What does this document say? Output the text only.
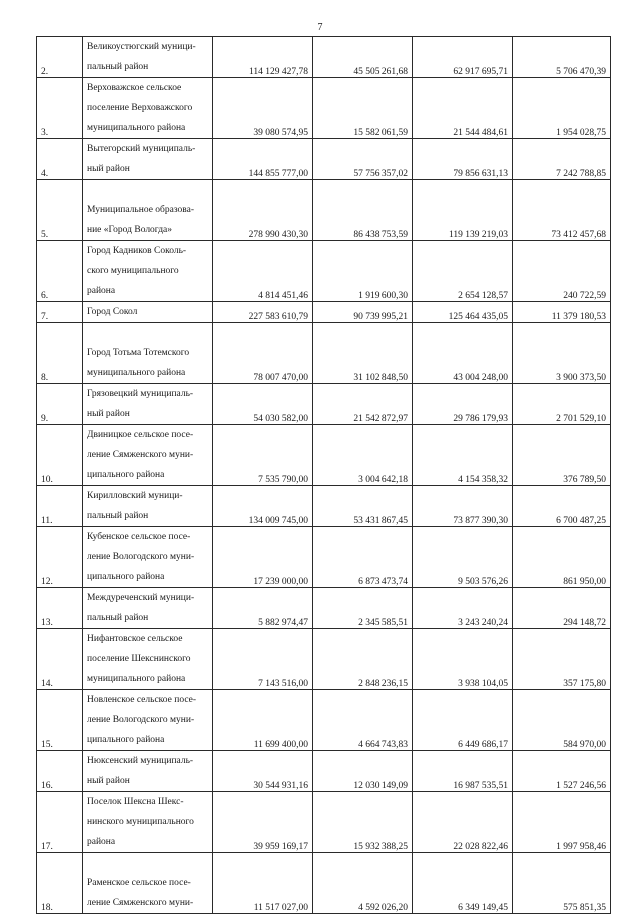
7
2.	Великоустюгский муници-
пальный район	114 129 427,78	45 505 261,68	62 917 695,71	5 706 470,39
3.	Верховажское сельское
поселение Верховажского
муниципального района	39 080 574,95	15 582 061,59	21 544 484,61	1 954 028,75
4.	Вытегорский муниципаль-
ный район	144 855 777,00	57 756 357,02	79 856 631,13	7 242 788,85
5.	Муниципальное образова-
ние «Город Вологда»	278 990 430,30	86 438 753,59	119 139 219,03	73 412 457,68
6.	Город Кадников Соколь-
ского муниципального
района	4 814 451,46	1 919 600,30	2 654 128,57	240 722,59
7.	Город Сокол	227 583 610,79	90 739 995,21	125 464 435,05	11 379 180,53
8.	Город Тотьма Тотемского
муниципального района	78 007 470,00	31 102 848,50	43 004 248,00	3 900 373,50
9.	Грязовецкий муниципаль-
ный район	54 030 582,00	21 542 872,97	29 786 179,93	2 701 529,10
10.	Двиницкое сельское посе-
ление Сямженского муни-
ципального района	7 535 790,00	3 004 642,18	4 154 358,32	376 789,50
11.	Кирилловский муници-
пальный район	134 009 745,00	53 431 867,45	73 877 390,30	6 700 487,25
12.	Кубенское сельское посе-
ление Вологодского муни-
ципального района	17 239 000,00	6 873 473,74	9 503 576,26	861 950,00
13.	Междуреченский муници-
пальный район	5 882 974,47	2 345 585,51	3 243 240,24	294 148,72
14.	Нифантовское сельское
поселение Шекснинского
муниципального района	7 143 516,00	2 848 236,15	3 938 104,05	357 175,80
15.	Новленское сельское посе-
ление Вологодского муни-
ципального района	11 699 400,00	4 664 743,83	6 449 686,17	584 970,00
16.	Нюксенский муниципаль-
ный район	30 544 931,16	12 030 149,09	16 987 535,51	1 527 246,56
17.	Поселок Шексна Шекс-
нинского муниципального
района	39 959 169,17	15 932 388,25	22 028 822,46	1 997 958,46
18.	Раменское сельское посе-
ление Сямженского муни-	11 517 027,00	4 592 026,20	6 349 149,45	575 851,35
